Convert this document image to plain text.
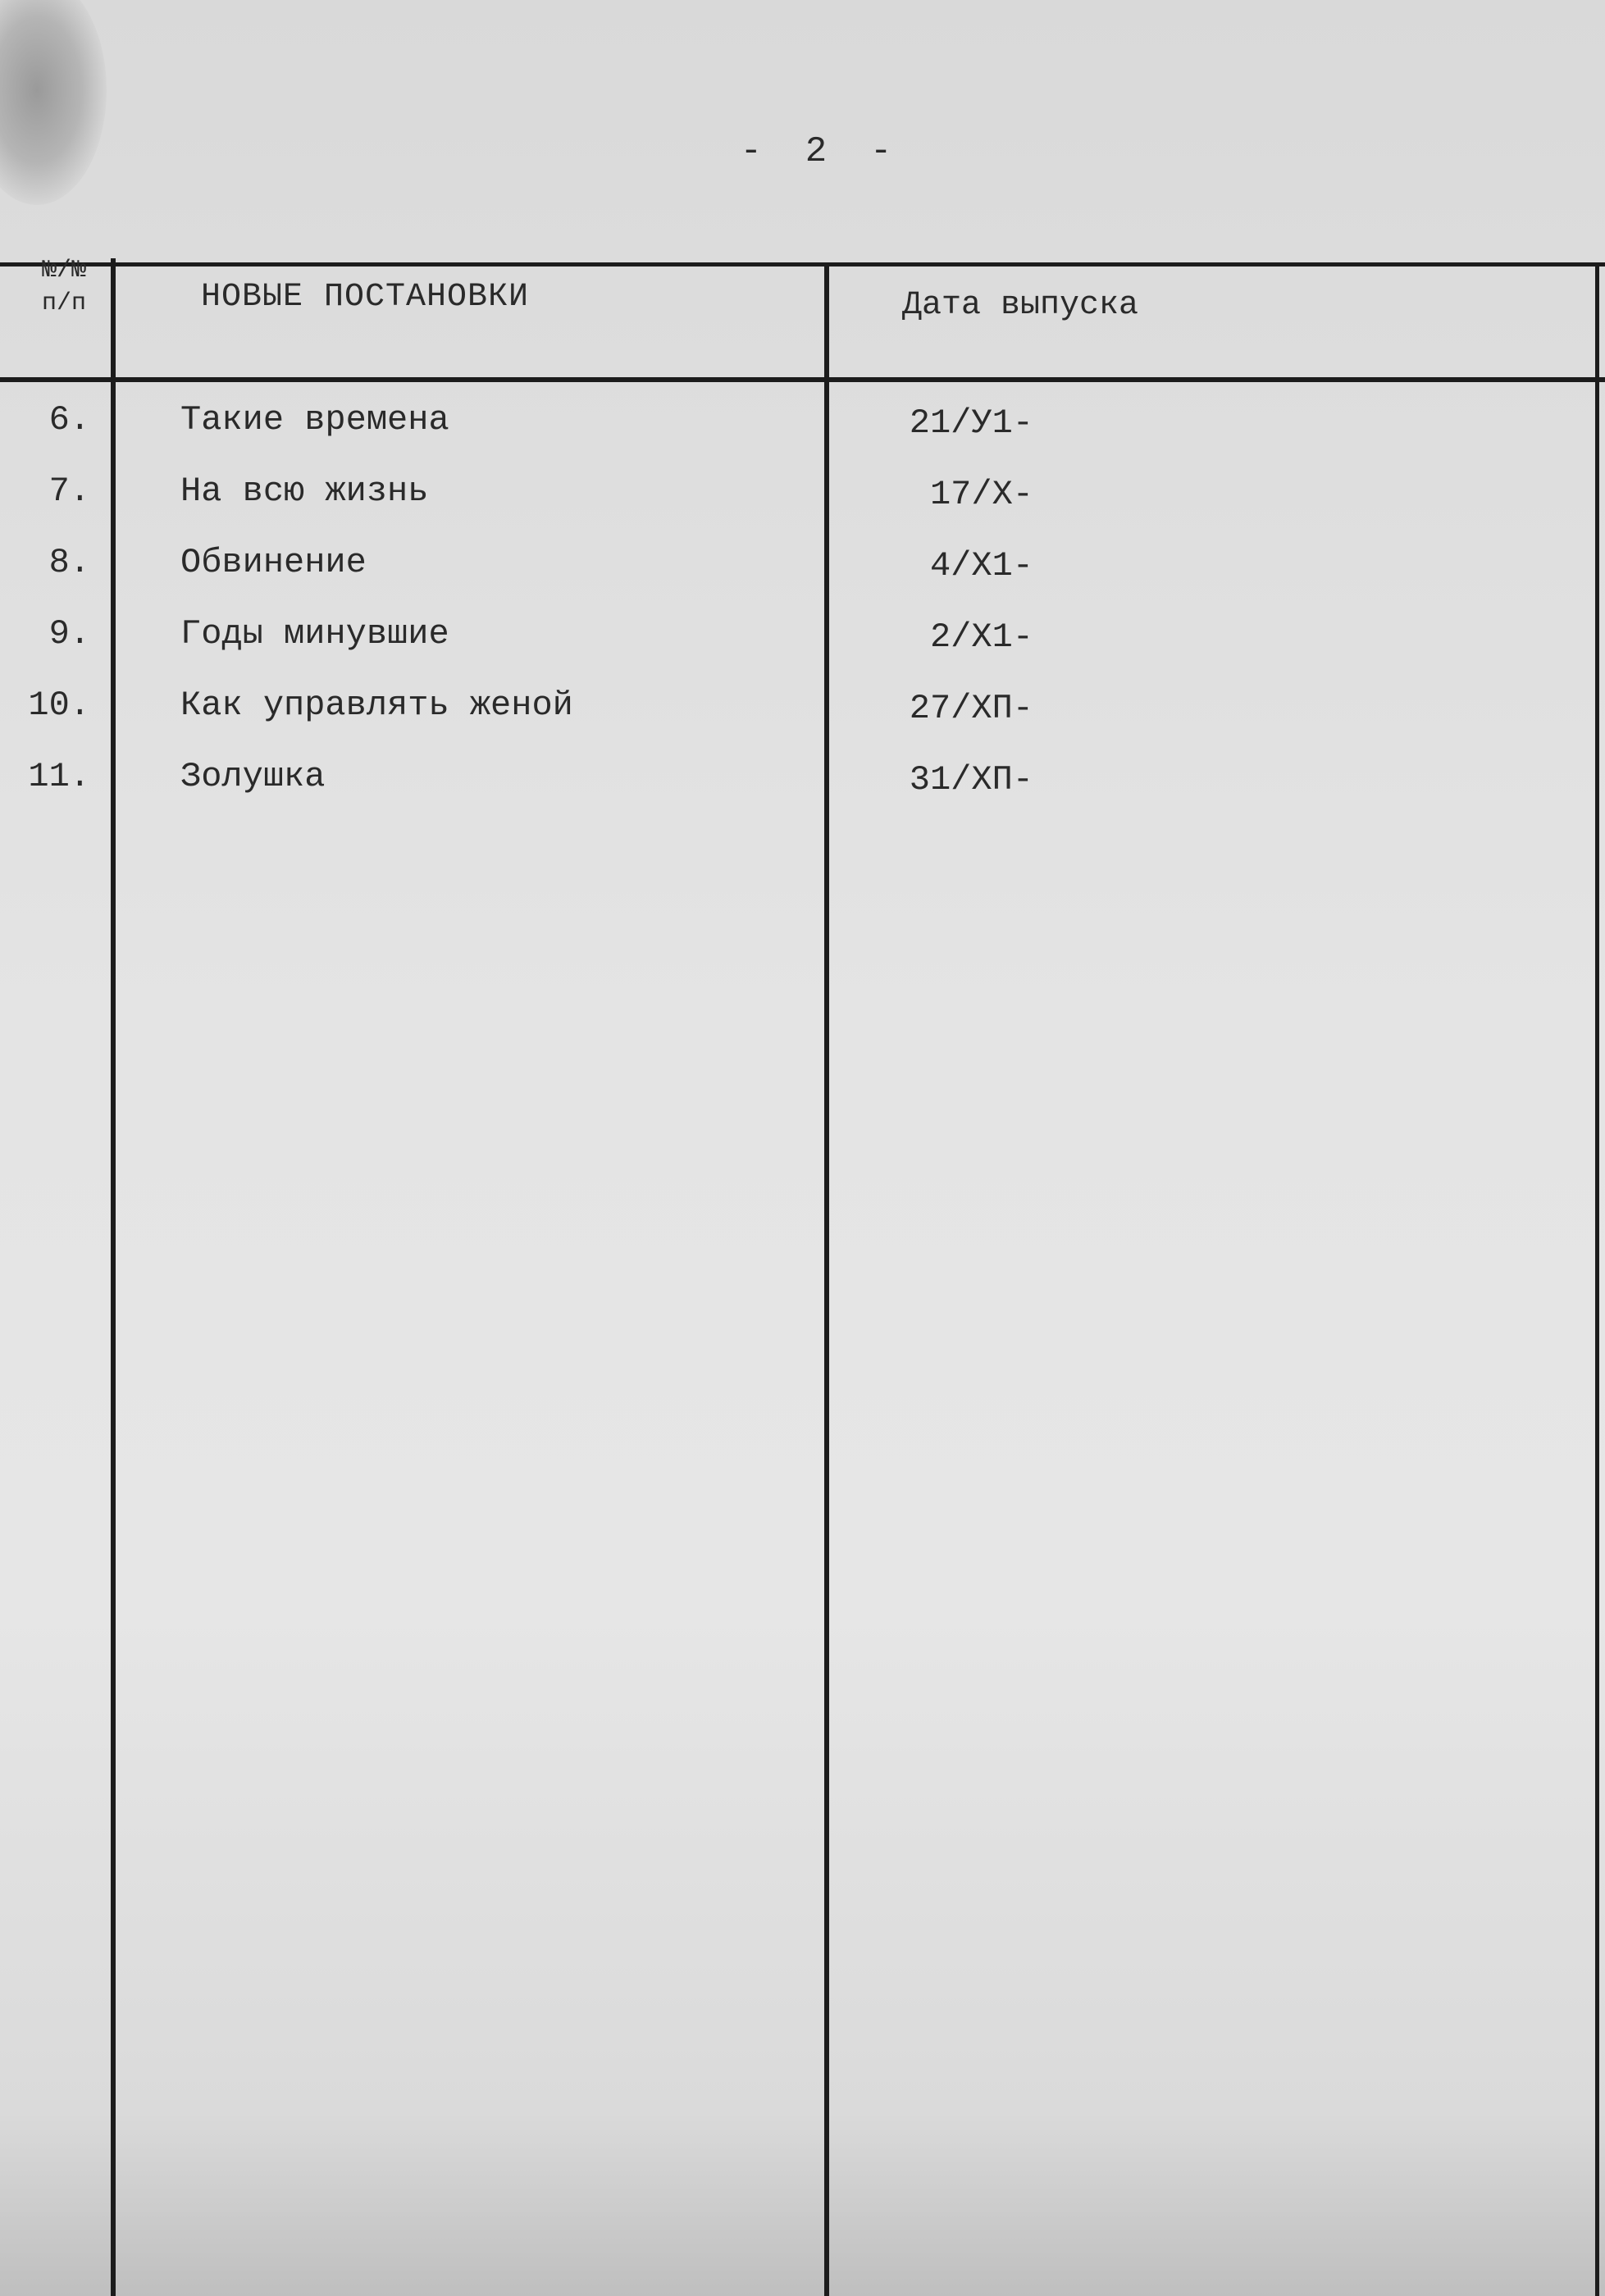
-  2  -
№/№
п/п	НОВЫЕ ПОСТАНОВКИ	Дата выпуска
6.	Такие времена	21/У1-
7.	На всю жизнь	17/Х-
8.	Обвинение	4/Х1-
9.	Годы минувшие	2/Х1-
10.	Как управлять женой	27/ХП-
11.	Золушка	31/ХП-
